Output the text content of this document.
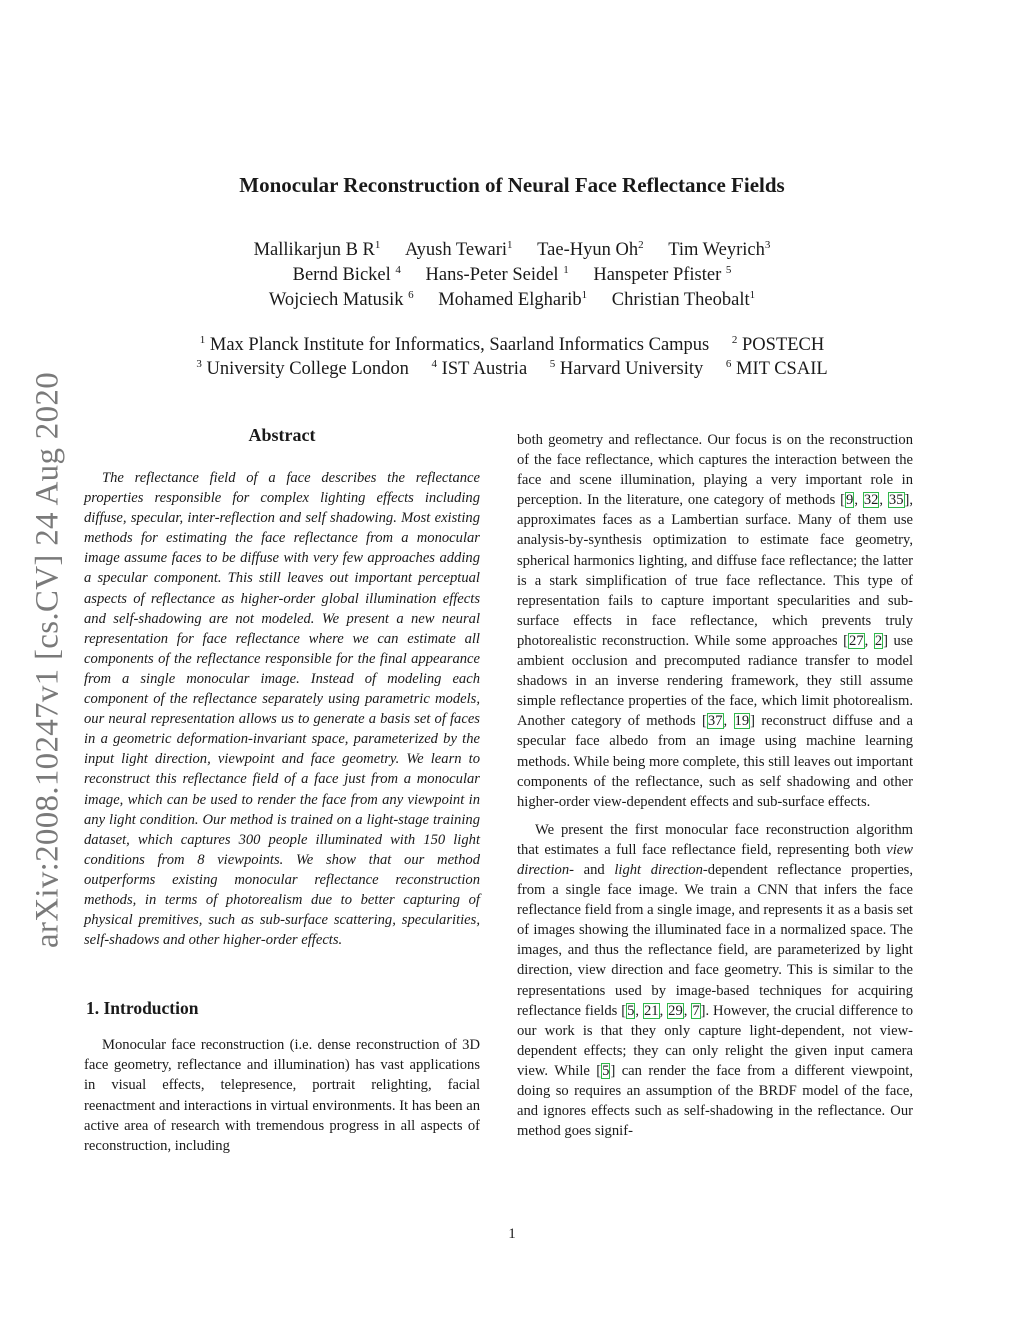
arXiv:2008.10247v1 [cs.CV] 24 Aug 2020
Monocular Reconstruction of Neural Face Reflectance Fields
Mallikarjun B $R^1$ Ayush Tewari$^1$ Tae-Hyun Oh$^2$ Tim Weyrich$^3$
Bernd Bickel $^4$ Hans-Peter Seidel $^1$ Hanspeter Pfister $^5$
Wojciech Matusik $^6$ Mohamed Elgharib$^1$ Christian Theobalt$^1$
$^1$ Max Planck Institute for Informatics, Saarland Informatics Campus $^2$ POSTECH
$^3$ University College London $^4$ IST Austria $^5$ Harvard University $^6$ MIT CSAIL
Abstract

The reflectance field of a face describes the reflectance properties responsible for complex lighting effects including diffuse, specular, inter-reflection and self shadowing. Most existing methods for estimating the face reflectance from a monocular image assume faces to be diffuse with very few approaches adding a specular component. This still leaves out important perceptual aspects of reflectance as higher-order global illumination effects and self-shadowing are not modeled. We present a new neural representation for face reflectance where we can estimate all components of the reflectance responsible for the final appearance from a single monocular image. Instead of modeling each component of the reflectance separately using parametric models, our neural representation allows us to generate a basis set of faces in a geometric deformation-invariant space, parameterized by the input light direction, viewpoint and face geometry. We learn to reconstruct this reflectance field of a face just from a monocular image, which can be used to render the face from any viewpoint in any light condition. Our method is trained on a light-stage training dataset, which captures 300 people illuminated with 150 light conditions from 8 viewpoints. We show that our method outperforms existing monocular reflectance reconstruction methods, in terms of photorealism due to better capturing of physical premitives, such as sub-surface scattering, specularities, self-shadows and other higher-order effects.

1. Introduction

Monocular face reconstruction (i.e. dense reconstruction of 3D face geometry, reflectance and illumination) has vast applications in visual effects, telepresence, portrait relighting, facial reenactment and interactions in virtual environments. It has been an active area of research with tremendous progress in all aspects of reconstruction, including

both geometry and reflectance. Our focus is on the reconstruction of the face reflectance, which captures the interaction between the face and scene illumination, playing a very important role in perception. In the literature, one category of methods [9, 32, 35], approximates faces as a Lambertian surface. Many of them use analysis-by-synthesis optimization to estimate face geometry, spherical harmonics lighting, and diffuse face reflectance; the latter is a stark simplification of true face reflectance. This type of representation fails to capture important specularities and sub-surface effects in face reflectance, which prevents truly photorealistic reconstruction. While some approaches [27, 2] use ambient occlusion and precomputed radiance transfer to model shadows in an inverse rendering framework, they still assume simple reflectance properties of the face, which limit photorealism. Another category of methods [37, 19] reconstruct diffuse and a specular face albedo from an image using machine learning methods. While being more complete, this still leaves out important components of the reflectance, such as self shadowing and other higher-order view-dependent effects and sub-surface effects.

We present the first monocular face reconstruction algorithm that estimates a full face reflectance field, representing both view direction- and light direction-dependent reflectance properties, from a single face image. We train a CNN that infers the face reflectance field from a single image, and represents it as a basis set of images showing the illuminated face in a normalized space. The images, and thus the reflectance field, are parameterized by light direction, view direction and face geometry. This is similar to the representations used by image-based techniques for acquiring reflectance fields [5, 21, 29, 7]. However, the crucial difference to our work is that they only capture light-dependent, not view-dependent effects; they can only relight the given input camera view. While [5] can render the face from a different viewpoint, doing so requires an assumption of the BRDF model of the face, and ignores effects such as self-shadowing in the reflectance. Our method goes signif-

1
